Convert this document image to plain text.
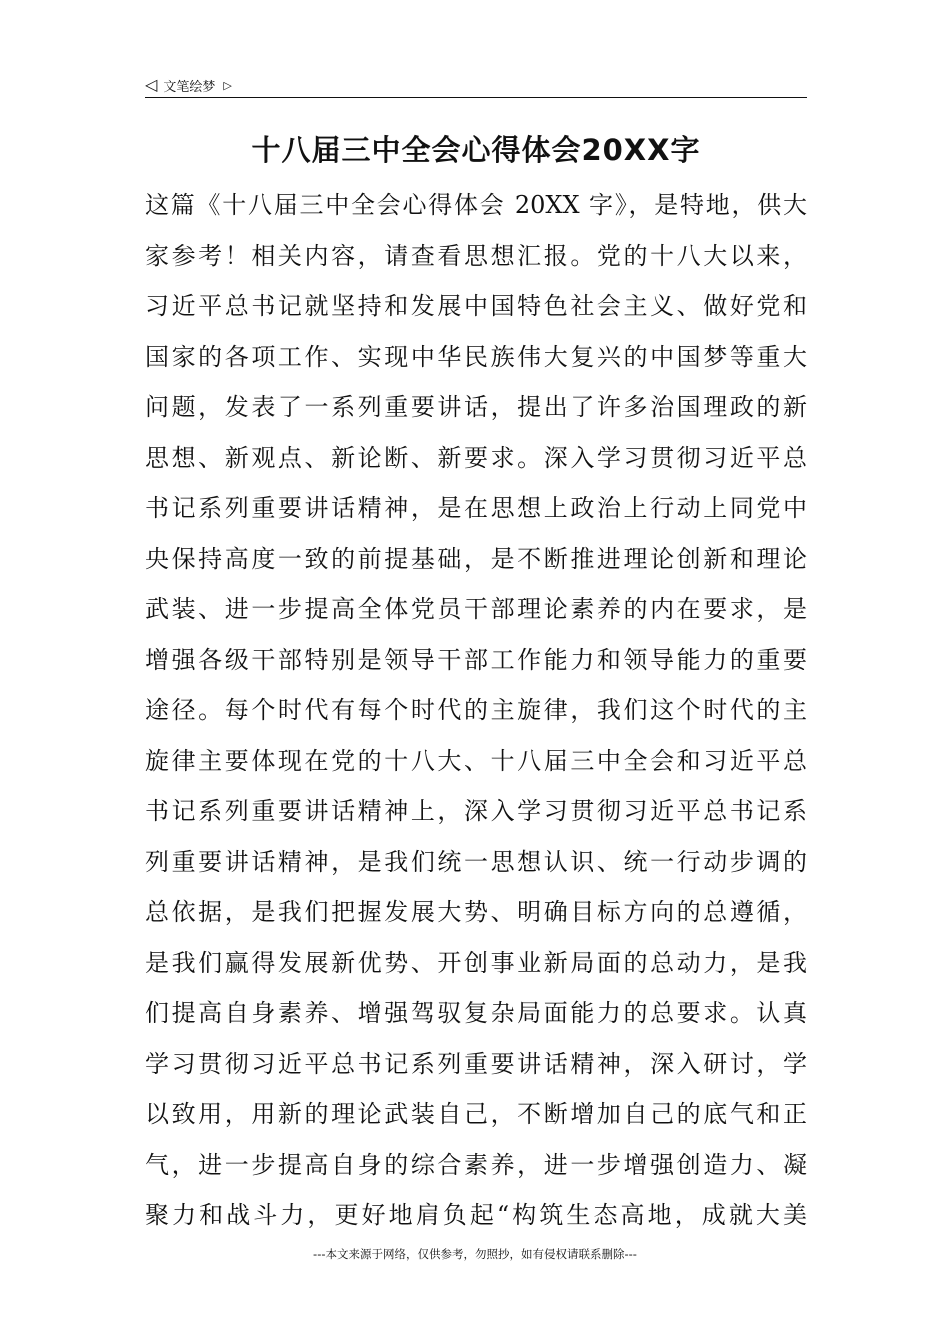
◁ 文笔绘梦 ▷
十八届三中全会心得体会20XX字
这篇《十八届三中全会心得体会 20XX 字》，是特地，供大
家参考！相关内容，请查看思想汇报。党的十八大以来，
习近平总书记就坚持和发展中国特色社会主义、做好党和
国家的各项工作、实现中华民族伟大复兴的中国梦等重大
问题，发表了一系列重要讲话，提出了许多治国理政的新
思想、新观点、新论断、新要求。深入学习贯彻习近平总
书记系列重要讲话精神，是在思想上政治上行动上同党中
央保持高度一致的前提基础，是不断推进理论创新和理论
武装、进一步提高全体党员干部理论素养的内在要求，是
增强各级干部特别是领导干部工作能力和领导能力的重要
途径。每个时代有每个时代的主旋律，我们这个时代的主
旋律主要体现在党的十八大、十八届三中全会和习近平总
书记系列重要讲话精神上，深入学习贯彻习近平总书记系
列重要讲话精神，是我们统一思想认识、统一行动步调的
总依据，是我们把握发展大势、明确目标方向的总遵循，
是我们赢得发展新优势、开创事业新局面的总动力，是我
们提高自身素养、增强驾驭复杂局面能力的总要求。认真
学习贯彻习近平总书记系列重要讲话精神，深入研讨，学
以致用，用新的理论武装自己，不断增加自己的底气和正
气，进一步提高自身的综合素养，进一步增强创造力、凝
聚力和战斗力，更好地肩负起“构筑生态高地，成就大美
---本文来源于网络，仅供参考，勿照抄，如有侵权请联系删除---
